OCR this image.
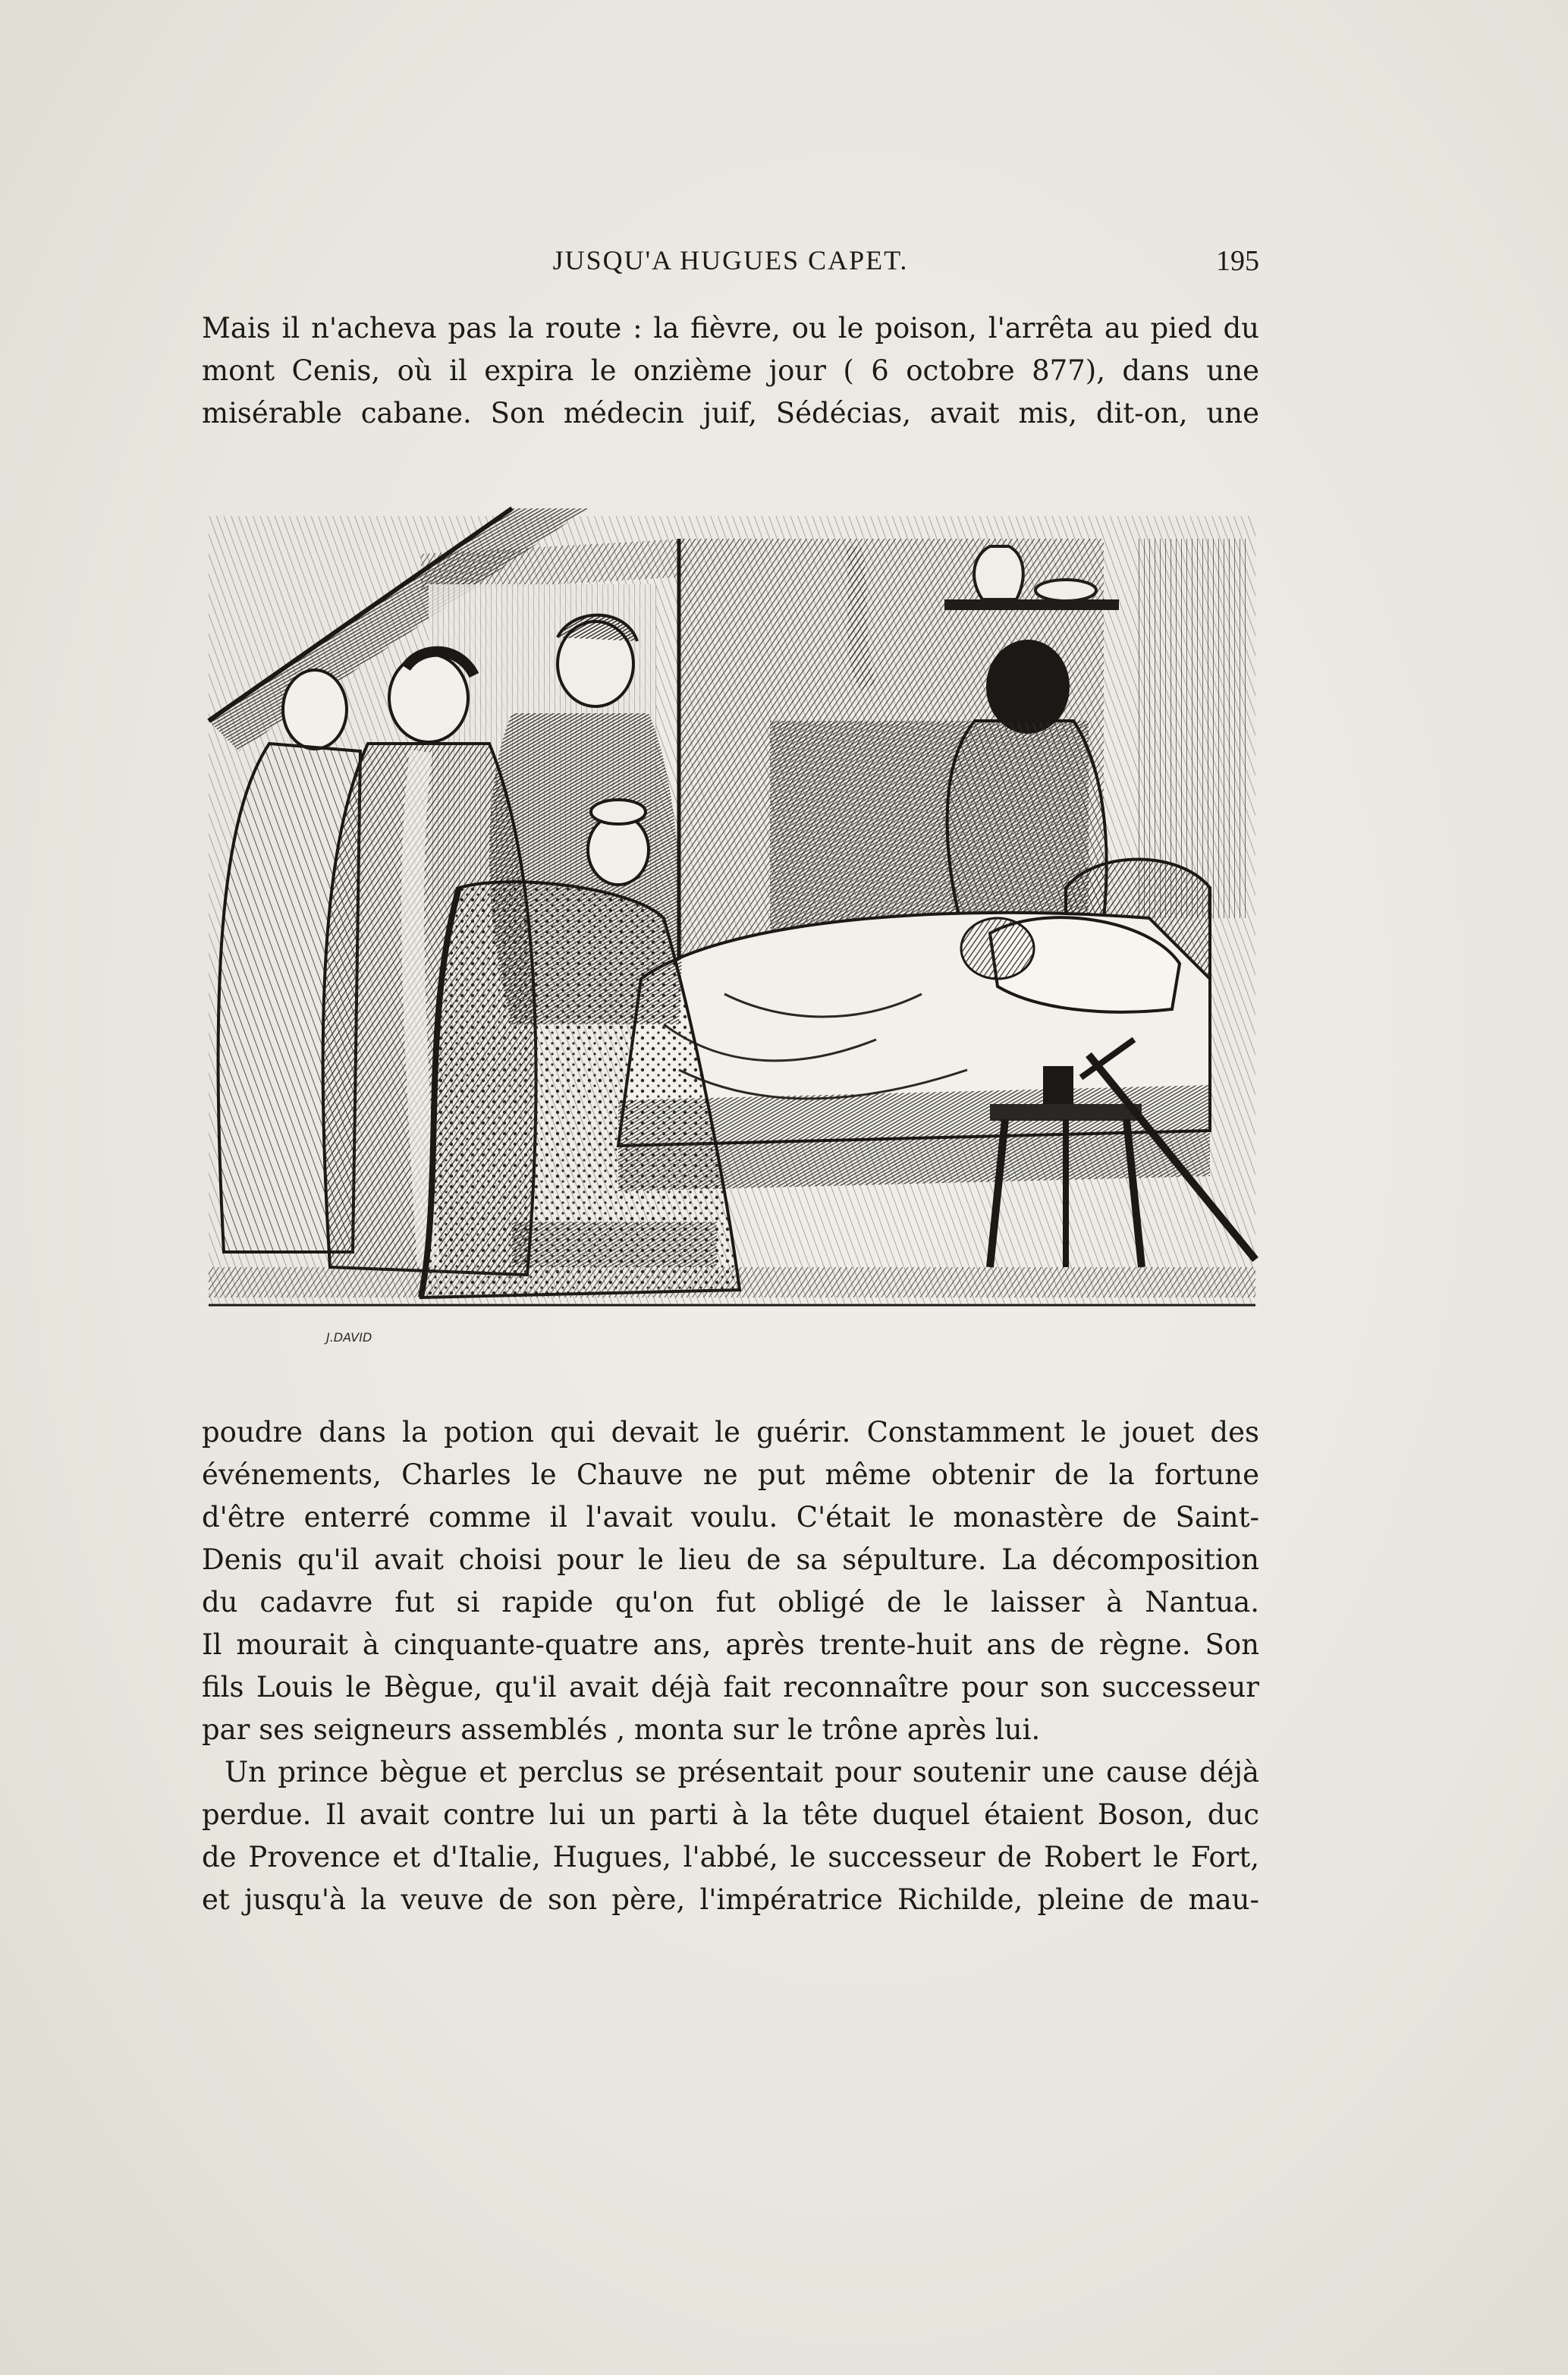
JUSQU'A HUGUES CAPET.	195
Mais il n'acheva pas la route : la fièvre, ou le poison, l'arrêta au pied du
mont Cenis, où il expira le onzième jour ( 6 octobre 877), dans une
misérable cabane. Son médecin juif, Sédécias, avait mis, dit-on, une
J.DAVID
poudre dans la potion qui devait le guérir. Constamment le jouet des
événements, Charles le Chauve ne put même obtenir de la fortune
d'être enterré comme il l'avait voulu. C'était le monastère de Saint-
Denis qu'il avait choisi pour le lieu de sa sépulture. La décomposition
du cadavre fut si rapide qu'on fut obligé de le laisser à Nantua.
Il mourait à cinquante-quatre ans, après trente-huit ans de règne. Son
fils Louis le Bègue, qu'il avait déjà fait reconnaître pour son successeur
par ses seigneurs assemblés , monta sur le trône après lui.
Un prince bègue et perclus se présentait pour soutenir une cause déjà
perdue. Il avait contre lui un parti à la tête duquel étaient Boson, duc
de Provence et d'Italie, Hugues, l'abbé, le successeur de Robert le Fort,
et jusqu'à la veuve de son père, l'impératrice Richilde, pleine de mau-
